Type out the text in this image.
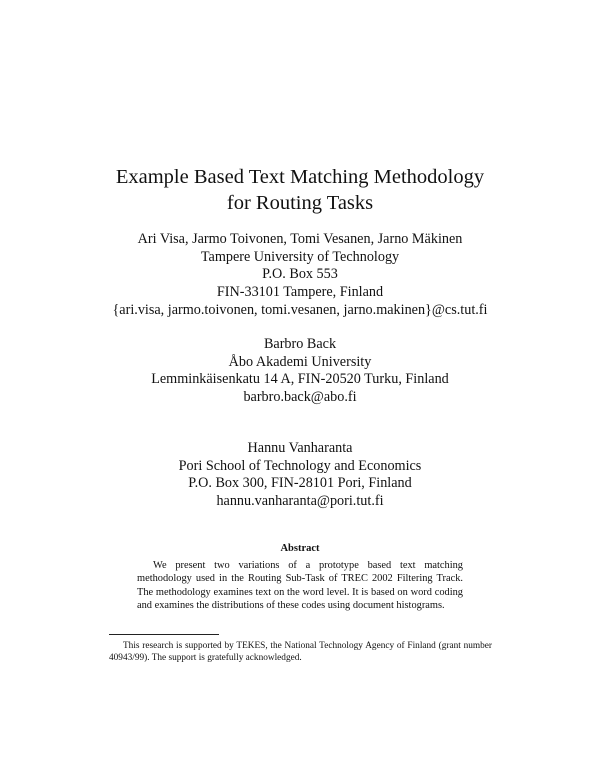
Example Based Text Matching Methodology
for Routing Tasks
Ari Visa, Jarmo Toivonen, Tomi Vesanen, Jarno Mäkinen
Tampere University of Technology
P.O. Box 553
FIN-33101 Tampere, Finland
{ari.visa, jarmo.toivonen, tomi.vesanen, jarno.makinen}@cs.tut.fi
Barbro Back
Åbo Akademi University
Lemminkäisenkatu 14 A, FIN-20520 Turku, Finland
barbro.back@abo.fi
Hannu Vanharanta
Pori School of Technology and Economics
P.O. Box 300, FIN-28101 Pori, Finland
hannu.vanharanta@pori.tut.fi
Abstract

We present two variations of a prototype based text matching methodology used in the Routing Sub-Task of TREC 2002 Filtering Track. The methodology examines text on the word level. It is based on word coding and examines the distributions of these codes using document histograms.

This research is supported by TEKES, the National Technology Agency of Finland (grant number 40943/99). The support is gratefully acknowledged.
